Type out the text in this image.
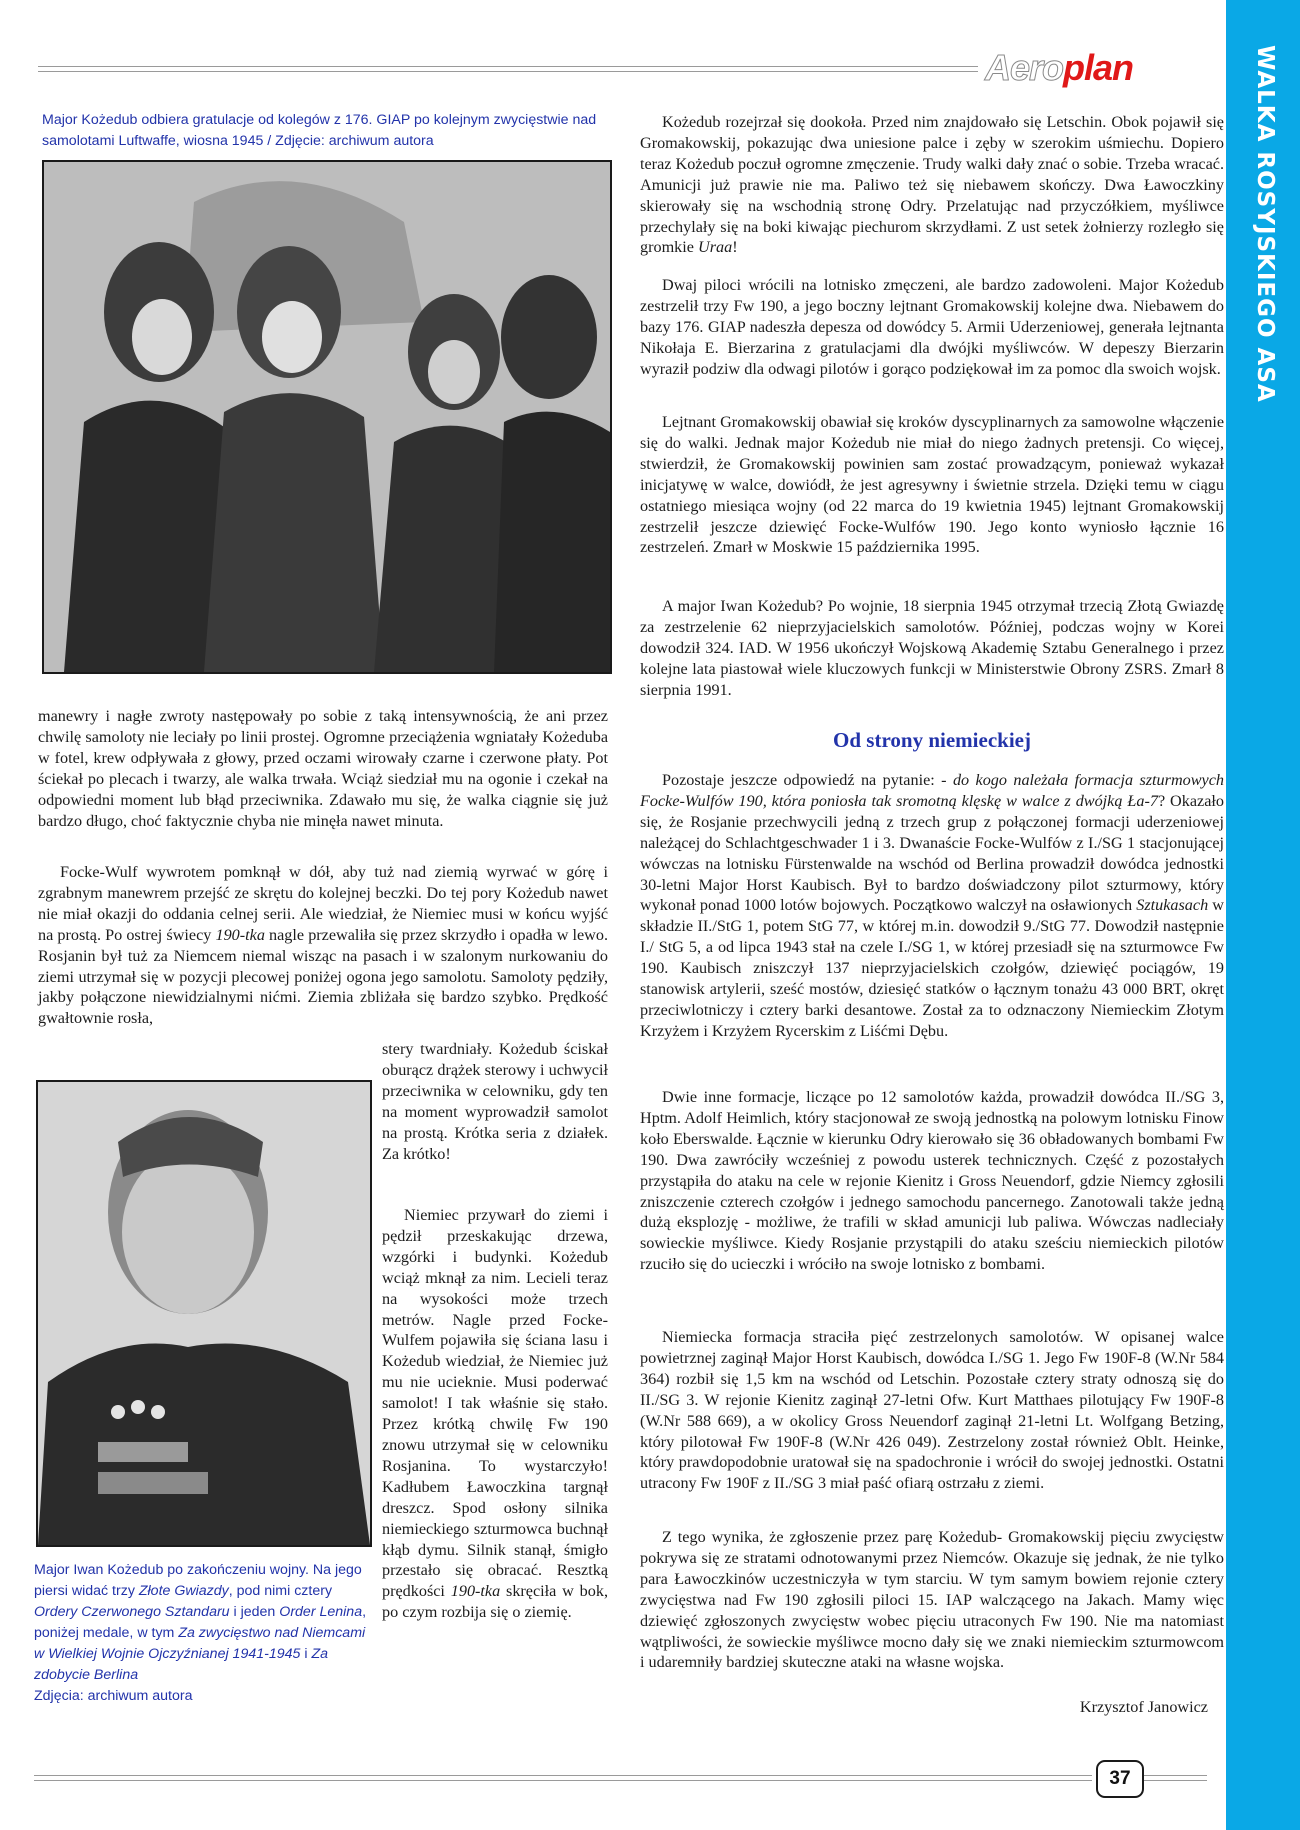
Aeroplan	WALKA ROSYJSKIEGO ASA
Major Kożedub odbiera gratulacje od kolegów z 176. GIAP po kolejnym zwycięstwie nad samolotami Luftwaffe, wiosna 1945 / Zdjęcie: archiwum autora

manewry i nagłe zwroty następowały po sobie z taką intensywnością, że ani przez chwilę samoloty nie leciały po linii prostej. Ogromne przeciążenia wgniatały Kożeduba w fotel, krew odpływała z głowy, przed oczami wirowały czarne i czerwone płaty. Pot ściekał po plecach i twarzy, ale walka trwała. Wciąż siedział mu na ogonie i czekał na odpowiedni moment lub błąd przeciwnika. Zdawało mu się, że walka ciągnie się już bardzo długo, choć faktycznie chyba nie minęła nawet minuta.

Focke-Wulf wywrotem pomknął w dół, aby tuż nad ziemią wyrwać w górę i zgrabnym manewrem przejść ze skrętu do kolejnej beczki. Do tej pory Kożedub nawet nie miał okazji do oddania celnej serii. Ale wiedział, że Niemiec musi w końcu wyjść na prostą. Po ostrej świecy 190-tka nagle przewaliła się przez skrzydło i opadła w lewo. Rosjanin był tuż za Niemcem niemal wisząc na pasach i w szalonym nurkowaniu do ziemi utrzymał się w pozycji plecowej poniżej ogona jego samolotu. Samoloty pędziły, jakby połączone niewidzialnymi nićmi. Ziemia zbliżała się bardzo szybko. Prędkość gwałtownie rosła,

stery twardniały. Kożedub ściskał oburącz drążek sterowy i uchwycił przeciwnika w celowniku, gdy ten na moment wyprowadził samolot na prostą. Krótka seria z działek. Za krótko!

Niemiec przywarł do ziemi i pędził przeskakując drzewa, wzgórki i budynki. Kożedub wciąż mknął za nim. Lecieli teraz na wysokości może trzech metrów. Nagle przed Focke-Wulfem pojawiła się ściana lasu i Kożedub wiedział, że Niemiec już mu nie ucieknie. Musi poderwać samolot! I tak właśnie się stało. Przez krótką chwilę Fw 190 znowu utrzymał się w celowniku Rosjanina. To wystarczyło! Kadłubem Ławoczkina targnął dreszcz. Spod osłony silnika niemieckiego szturmowca buchnął kłąb dymu. Silnik stanął, śmigło przestało się obracać. Resztką prędkości 190-tka skręciła w bok, po czym rozbija się o ziemię.

Major Iwan Kożedub po zakończeniu wojny. Na jego piersi widać trzy Złote Gwiazdy, pod nimi cztery Ordery Czerwonego Sztandaru i jeden Order Lenina, poniżej medale, w tym Za zwycięstwo nad Niemcami w Wielkiej Wojnie Ojczyźnianej 1941-1945 i Za zdobycie Berlina
Zdjęcia: archiwum autora

Kożedub rozejrzał się dookoła. Przed nim znajdowało się Letschin. Obok pojawił się Gromakowskij, pokazując dwa uniesione palce i zęby w szerokim uśmiechu. Dopiero teraz Kożedub poczuł ogromne zmęczenie. Trudy walki dały znać o sobie. Trzeba wracać. Amunicji już prawie nie ma. Paliwo też się niebawem skończy. Dwa Ławoczkiny skierowały się na wschodnią stronę Odry. Przelatując nad przyczółkiem, myśliwce przechylały się na boki kiwając piechurom skrzydłami. Z ust setek żołnierzy rozległo się gromkie Uraa!

Dwaj piloci wrócili na lotnisko zmęczeni, ale bardzo zadowoleni. Major Kożedub zestrzelił trzy Fw 190, a jego boczny lejtnant Gromakowskij kolejne dwa. Niebawem do bazy 176. GIAP nadeszła depesza od dowódcy 5. Armii Uderzeniowej, generała lejtnanta Nikołaja E. Bierzarina z gratulacjami dla dwójki myśliwców. W depeszy Bierzarin wyraził podziw dla odwagi pilotów i gorąco podziękował im za pomoc dla swoich wojsk.

Lejtnant Gromakowskij obawiał się kroków dyscyplinarnych za samowolne włączenie się do walki. Jednak major Kożedub nie miał do niego żadnych pretensji. Co więcej, stwierdził, że Gromakowskij powinien sam zostać prowadzącym, ponieważ wykazał inicjatywę w walce, dowiódł, że jest agresywny i świetnie strzela. Dzięki temu w ciągu ostatniego miesiąca wojny (od 22 marca do 19 kwietnia 1945) lejtnant Gromakowskij zestrzelił jeszcze dziewięć Focke-Wulfów 190. Jego konto wyniosło łącznie 16 zestrzeleń. Zmarł w Moskwie 15 października 1995.

A major Iwan Kożedub? Po wojnie, 18 sierpnia 1945 otrzymał trzecią Złotą Gwiazdę za zestrzelenie 62 nieprzyjacielskich samolotów. Później, podczas wojny w Korei dowodził 324. IAD. W 1956 ukończył Wojskową Akademię Sztabu Generalnego i przez kolejne lata piastował wiele kluczowych funkcji w Ministerstwie Obrony ZSRS. Zmarł 8 sierpnia 1991.

Od strony niemieckiej

Pozostaje jeszcze odpowiedź na pytanie: - do kogo należała formacja szturmowych Focke-Wulfów 190, która poniosła tak sromotną klęskę w walce z dwójką Ła-7? Okazało się, że Rosjanie przechwycili jedną z trzech grup z połączonej formacji uderzeniowej należącej do Schlachtgeschwader 1 i 3. Dwanaście Focke-Wulfów z I./SG 1 stacjonującej wówczas na lotnisku Fürstenwalde na wschód od Berlina prowadził dowódca jednostki 30-letni Major Horst Kaubisch. Był to bardzo doświadczony pilot szturmowy, który wykonał ponad 1000 lotów bojowych. Początkowo walczył na osławionych Sztukasach w składzie II./StG 1, potem StG 77, w której m.in. dowodził 9./StG 77. Dowodził następnie I./ StG 5, a od lipca 1943 stał na czele I./SG 1, w której przesiadł się na szturmowce Fw 190. Kaubisch zniszczył 137 nieprzyjacielskich czołgów, dziewięć pociągów, 19 stanowisk artylerii, sześć mostów, dziesięć statków o łącznym tonażu 43 000 BRT, okręt przeciwlotniczy i cztery barki desantowe. Został za to odznaczony Niemieckim Złotym Krzyżem i Krzyżem Rycerskim z Liśćmi Dębu.

Dwie inne formacje, liczące po 12 samolotów każda, prowadził dowódca II./SG 3, Hptm. Adolf Heimlich, który stacjonował ze swoją jednostką na polowym lotnisku Finow koło Eberswalde. Łącznie w kierunku Odry kierowało się 36 obładowanych bombami Fw 190. Dwa zawróciły wcześniej z powodu usterek technicznych. Część z pozostałych przystąpiła do ataku na cele w rejonie Kienitz i Gross Neuendorf, gdzie Niemcy zgłosili zniszczenie czterech czołgów i jednego samochodu pancernego. Zanotowali także jedną dużą eksplozję - możliwe, że trafili w skład amunicji lub paliwa. Wówczas nadleciały sowieckie myśliwce. Kiedy Rosjanie przystąpili do ataku sześciu niemieckich pilotów rzuciło się do ucieczki i wróciło na swoje lotnisko z bombami.

Niemiecka formacja straciła pięć zestrzelonych samolotów. W opisanej walce powietrznej zaginął Major Horst Kaubisch, dowódca I./SG 1. Jego Fw 190F-8 (W.Nr 584 364) rozbił się 1,5 km na wschód od Letschin. Pozostałe cztery straty odnoszą się do II./SG 3. W rejonie Kienitz zaginął 27-letni Ofw. Kurt Matthaes pilotujący Fw 190F-8 (W.Nr 588 669), a w okolicy Gross Neuendorf zaginął 21-letni Lt. Wolfgang Betzing, który pilotował Fw 190F-8 (W.Nr 426 049). Zestrzelony został również Oblt. Heinke, który prawdopodobnie uratował się na spadochronie i wrócił do swojej jednostki. Ostatni utracony Fw 190F z II./SG 3 miał paść ofiarą ostrzału z ziemi.

Z tego wynika, że zgłoszenie przez parę Kożedub- Gromakowskij pięciu zwycięstw pokrywa się ze stratami odnotowanymi przez Niemców. Okazuje się jednak, że nie tylko para Ławoczkinów uczestniczyła w tym starciu. W tym samym bowiem rejonie cztery zwycięstwa nad Fw 190 zgłosili piloci 15. IAP walczącego na Jakach. Mamy więc dziewięć zgłoszonych zwycięstw wobec pięciu utraconych Fw 190. Nie ma natomiast wątpliwości, że sowieckie myśliwce mocno dały się we znaki niemieckim szturmowcom i udaremniły bardziej skuteczne ataki na własne wojska.

Krzysztof Janowicz
37
